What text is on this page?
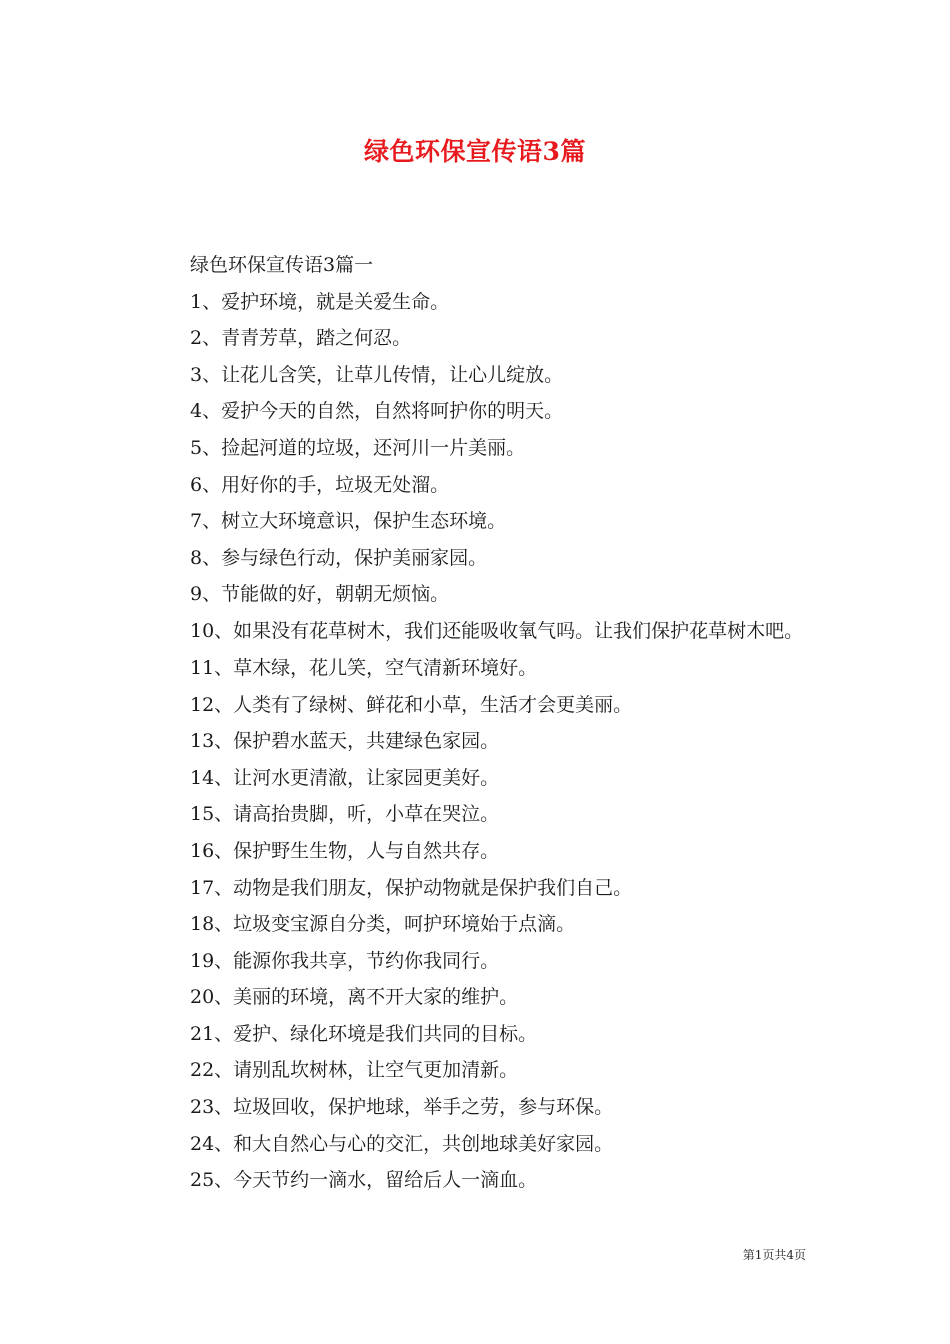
绿色环保宣传语3篇
绿色环保宣传语3篇一
1、爱护环境，就是关爱生命。
2、青青芳草，踏之何忍。
3、让花儿含笑，让草儿传情，让心儿绽放。
4、爱护今天的自然，自然将呵护你的明天。
5、捡起河道的垃圾，还河川一片美丽。
6、用好你的手，垃圾无处溜。
7、树立大环境意识，保护生态环境。
8、参与绿色行动，保护美丽家园。
9、节能做的好，朝朝无烦恼。
10、如果没有花草树木，我们还能吸收氧气吗。让我们保护花草树木吧。
11、草木绿，花儿笑，空气清新环境好。
12、人类有了绿树、鲜花和小草，生活才会更美丽。
13、保护碧水蓝天，共建绿色家园。
14、让河水更清澈，让家园更美好。
15、请高抬贵脚，听，小草在哭泣。
16、保护野生生物，人与自然共存。
17、动物是我们朋友，保护动物就是保护我们自己。
18、垃圾变宝源自分类，呵护环境始于点滴。
19、能源你我共享，节约你我同行。
20、美丽的环境，离不开大家的维护。
21、爱护、绿化环境是我们共同的目标。
22、请别乱坎树林，让空气更加清新。
23、垃圾回收，保护地球，举手之劳，参与环保。
24、和大自然心与心的交汇，共创地球美好家园。
25、今天节约一滴水，留给后人一滴血。
第1页共4页
